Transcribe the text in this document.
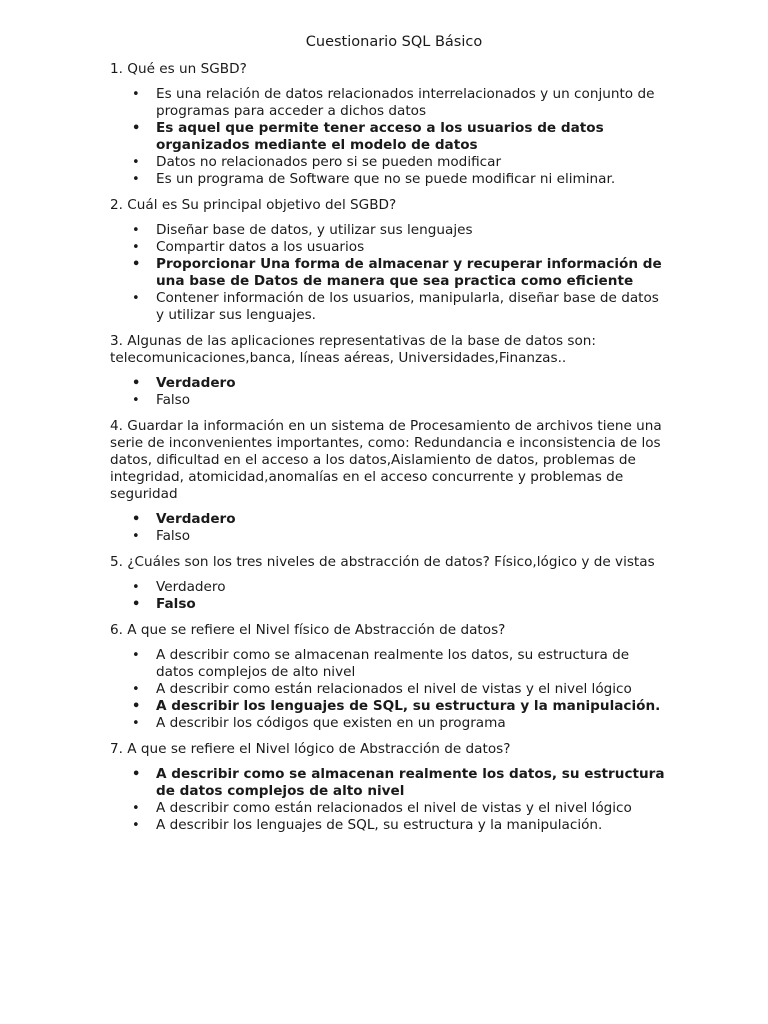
Cuestionario SQL Básico

1. Qué es un SGBD?

• Es una relación de datos relacionados interrelacionados y un conjunto de programas para acceder a dichos datos
• Es aquel que permite tener acceso a los usuarios de datos organizados mediante el modelo de datos
• Datos no relacionados pero si se pueden modificar
• Es un programa de Software que no se puede modificar ni eliminar.

2. Cuál es Su principal objetivo del SGBD?

• Diseñar base de datos, y utilizar sus lenguajes
• Compartir datos a los usuarios
• Proporcionar Una forma de almacenar y recuperar información de una base de Datos de manera que sea practica como eficiente
• Contener información de los usuarios, manipularla, diseñar base de datos y utilizar sus lenguajes.

3. Algunas de las aplicaciones representativas de la base de datos son: telecomunicaciones,banca, líneas aéreas, Universidades,Finanzas..

• Verdadero
• Falso

4. Guardar la información en un sistema de Procesamiento de archivos tiene una serie de inconvenientes importantes, como: Redundancia e inconsistencia de los datos, dificultad en el acceso a los datos,Aislamiento de datos, problemas de integridad, atomicidad,anomalías en el acceso concurrente y problemas de seguridad

• Verdadero
• Falso

5. ¿Cuáles son los tres niveles de abstracción de datos? Físico,lógico y de vistas

• Verdadero
• Falso

6. A que se refiere el Nivel físico de Abstracción de datos?

• A describir como se almacenan realmente los datos, su estructura de datos complejos de alto nivel
• A describir como están relacionados el nivel de vistas y el nivel lógico
• A describir los lenguajes de SQL, su estructura y la manipulación.
• A describir los códigos que existen en un programa

7. A que se refiere el Nivel lógico de Abstracción de datos?

• A describir como se almacenan realmente los datos, su estructura de datos complejos de alto nivel
• A describir como están relacionados el nivel de vistas y el nivel lógico
• A describir los lenguajes de SQL, su estructura y la manipulación.
